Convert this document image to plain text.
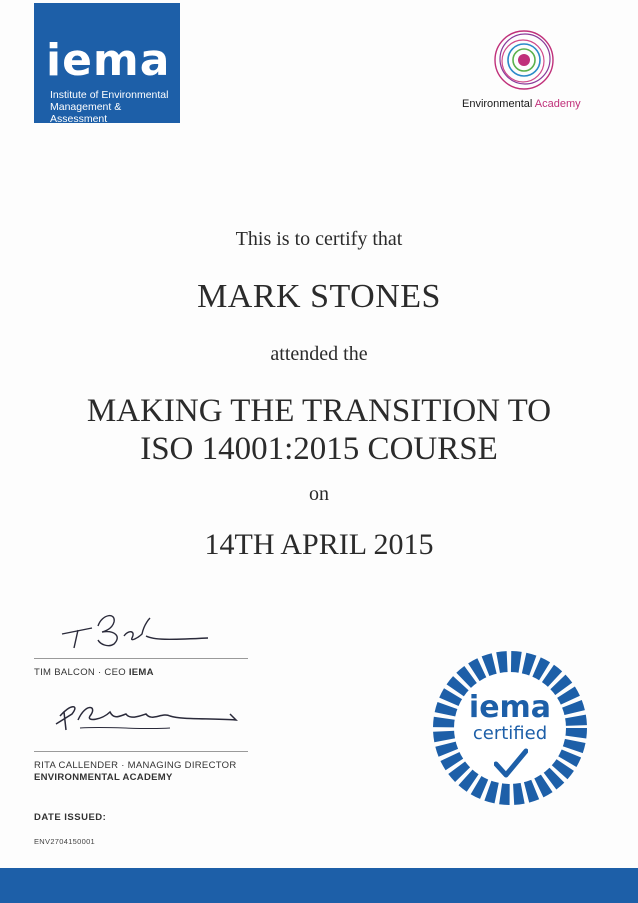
iema
Institute of Environmental
Management & Assessment
Environmental Academy
This is to certify that
MARK STONES
attended the
MAKING THE TRANSITION TO
ISO 14001:2015 COURSE
on
14TH APRIL 2015
TIM BALCON · CEO IEMA
RITA CALLENDER · MANAGING DIRECTOR
ENVIRONMENTAL ACADEMY
DATE ISSUED:
ENV2704150001
iema
certified
